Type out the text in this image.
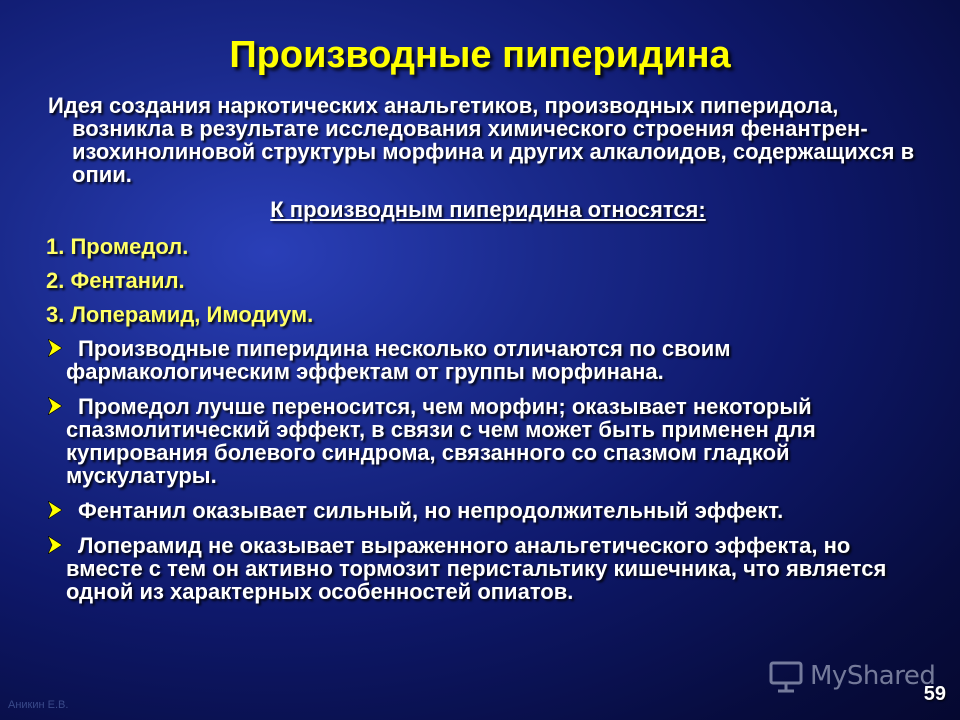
Производные пиперидина

Идея создания наркотических анальгетиков, производных пиперидола, возникла в результате исследования химического строения фенантрен-изохинолиновой структуры морфина и других алкалоидов, содержащихся в опии.

К производным пиперидина относятся:

1. Промедол.
2. Фентанил.
3. Лоперамид, Имодиум.
Производные пиперидина несколько отличаются по своим фармакологическим эффектам от группы морфинана.
Промедол лучше переносится, чем морфин; оказывает некоторый спазмолитический эффект, в связи с чем может быть применен для купирования болевого синдрома, связанного со спазмом гладкой мускулатуры.
Фентанил оказывает сильный, но непродолжительный эффект.
Лоперамид не оказывает выраженного анальгетического эффекта, но вместе с тем он активно тормозит перистальтику кишечника, что является одной из характерных особенностей опиатов.
MyShared
59
Аникин Е.В.
